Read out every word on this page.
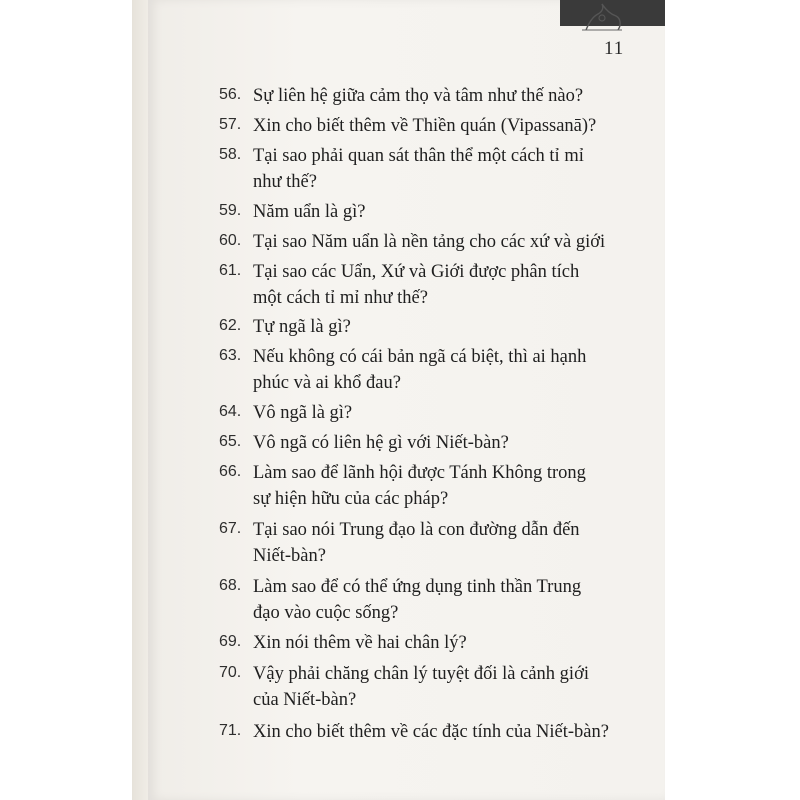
11
56. Sự liên hệ giữa cảm thọ và tâm như thế nào?
57. Xin cho biết thêm về Thiền quán (Vipassanā)?
58. Tại sao phải quan sát thân thể một cách tỉ mỉ
như thế?
59. Năm uẩn là gì?
60. Tại sao Năm uẩn là nền tảng cho các xứ và giới
61. Tại sao các Uẩn, Xứ và Giới được phân tích
một cách tỉ mỉ như thế?
62. Tự ngã là gì?
63. Nếu không có cái bản ngã cá biệt, thì ai hạnh
phúc và ai khổ đau?
64. Vô ngã là gì?
65. Vô ngã có liên hệ gì với Niết-bàn?
66. Làm sao để lãnh hội được Tánh Không trong
sự hiện hữu của các pháp?
67. Tại sao nói Trung đạo là con đường dẫn đến
Niết-bàn?
68. Làm sao để có thể ứng dụng tinh thần Trung
đạo vào cuộc sống?
69. Xin nói thêm về hai chân lý?
70. Vậy phải chăng chân lý tuyệt đối là cảnh giới
của Niết-bàn?
71. Xin cho biết thêm về các đặc tính của Niết-bàn?
